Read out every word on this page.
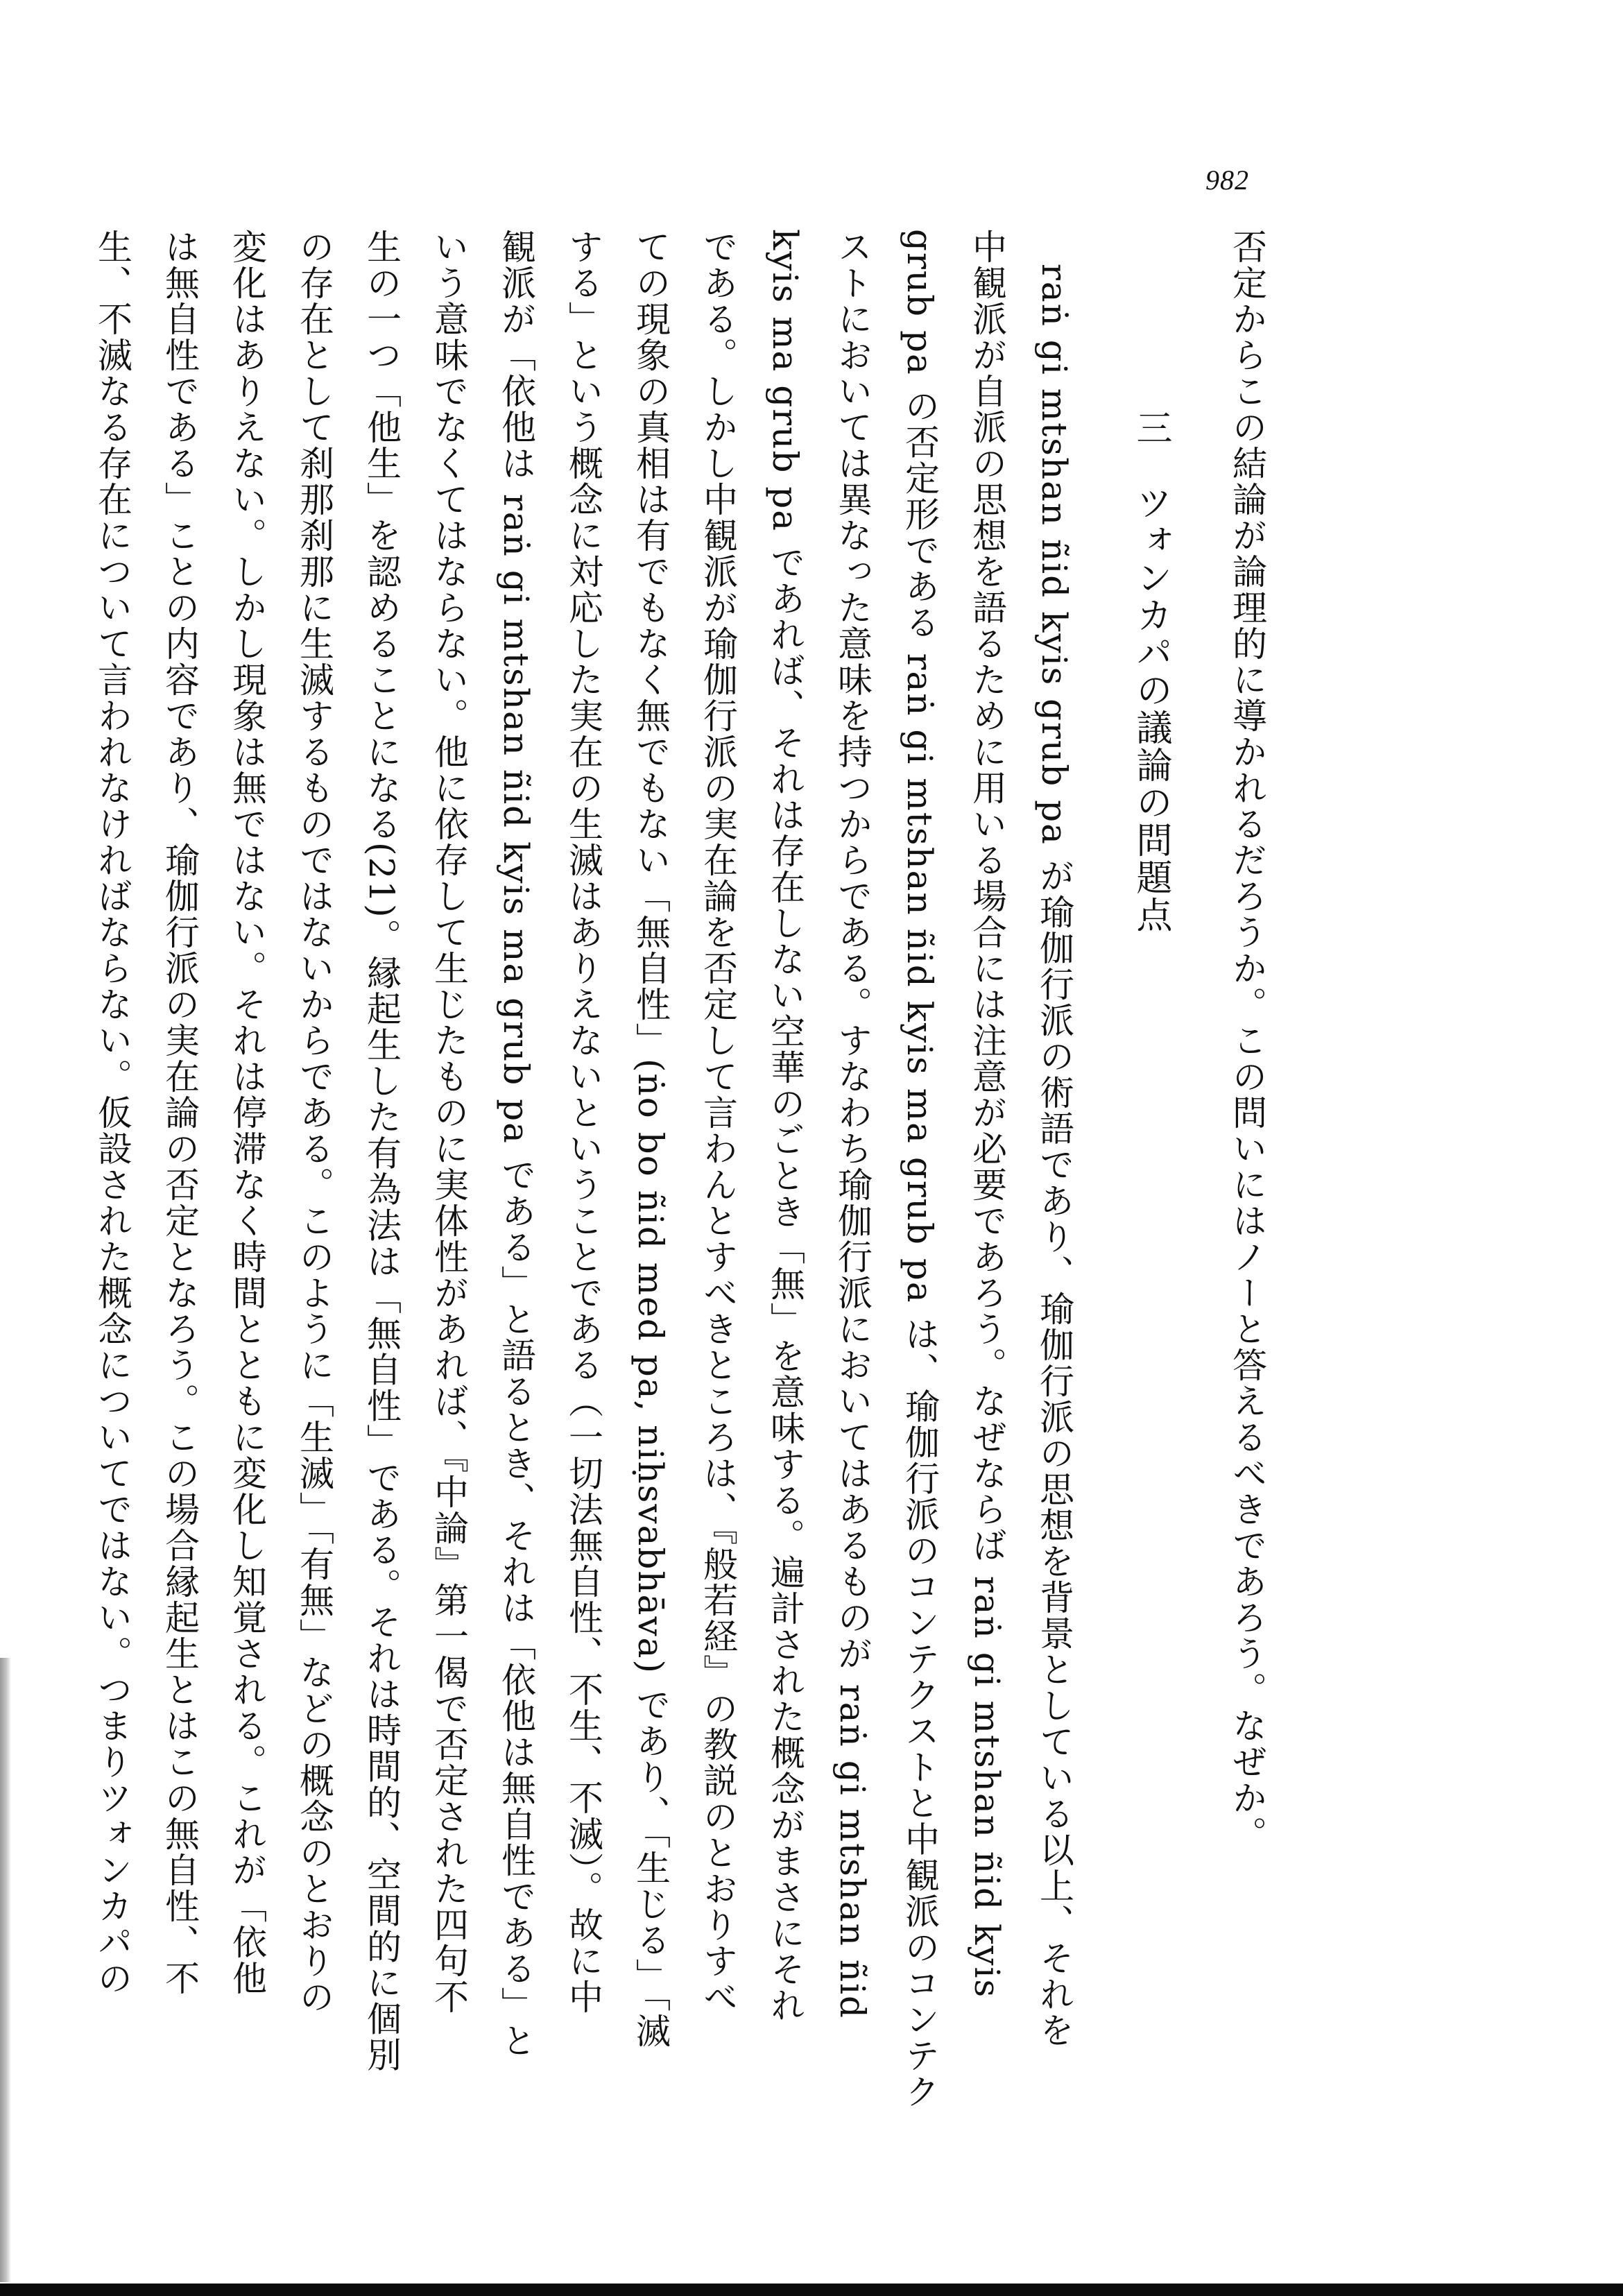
982
否定からこの結論が論理的に導かれるだろうか。この問いにはノーと答えるべきであろう。なぜか。
三　ツォンカパの議論の問題点
raṅ gi mtshan ñid kyis grub pa が瑜伽行派の術語であり、瑜伽行派の思想を背景としている以上、それを
中観派が自派の思想を語るために用いる場合には注意が必要であろう。なぜならば raṅ gi mtshan ñid kyis
grub pa の否定形である raṅ gi mtshan ñid kyis ma grub pa は、瑜伽行派のコンテクストと中観派のコンテク
ストにおいては異なった意味を持つからである。すなわち瑜伽行派においてはあるものが raṅ gi mtshan ñid
kyis ma grub pa であれば、それは存在しない空華のごとき「無」を意味する。遍計された概念がまさにそれ
である。しかし中観派が瑜伽行派の実在論を否定して言わんとすべきところは、『般若経』の教説のとおりすべ
ての現象の真相は有でもなく無でもない「無自性」(ṅo bo ñid med pa, niḥsvabhāva) であり、「生じる」「滅
する」という概念に対応した実在の生滅はありえないということである（一切法無自性、不生、不滅）。故に中
観派が「依他は raṅ gi mtshan ñid kyis ma grub pa である」と語るとき、それは「依他は無自性である」と
いう意味でなくてはならない。他に依存して生じたものに実体性があれば、『中論』第一偈で否定された四句不
生の一つ「他生」を認めることになる(21)。縁起生した有為法は「無自性」である。それは時間的、空間的に個別
の存在として刹那刹那に生滅するものではないからである。このように「生滅」「有無」などの概念のとおりの
変化はありえない。しかし現象は無ではない。それは停滞なく時間とともに変化し知覚される。これが「依他
は無自性である」ことの内容であり、瑜伽行派の実在論の否定となろう。この場合縁起生とはこの無自性、不
生、不滅なる存在について言われなければならない。仮設された概念についてではない。つまりツォンカパの
